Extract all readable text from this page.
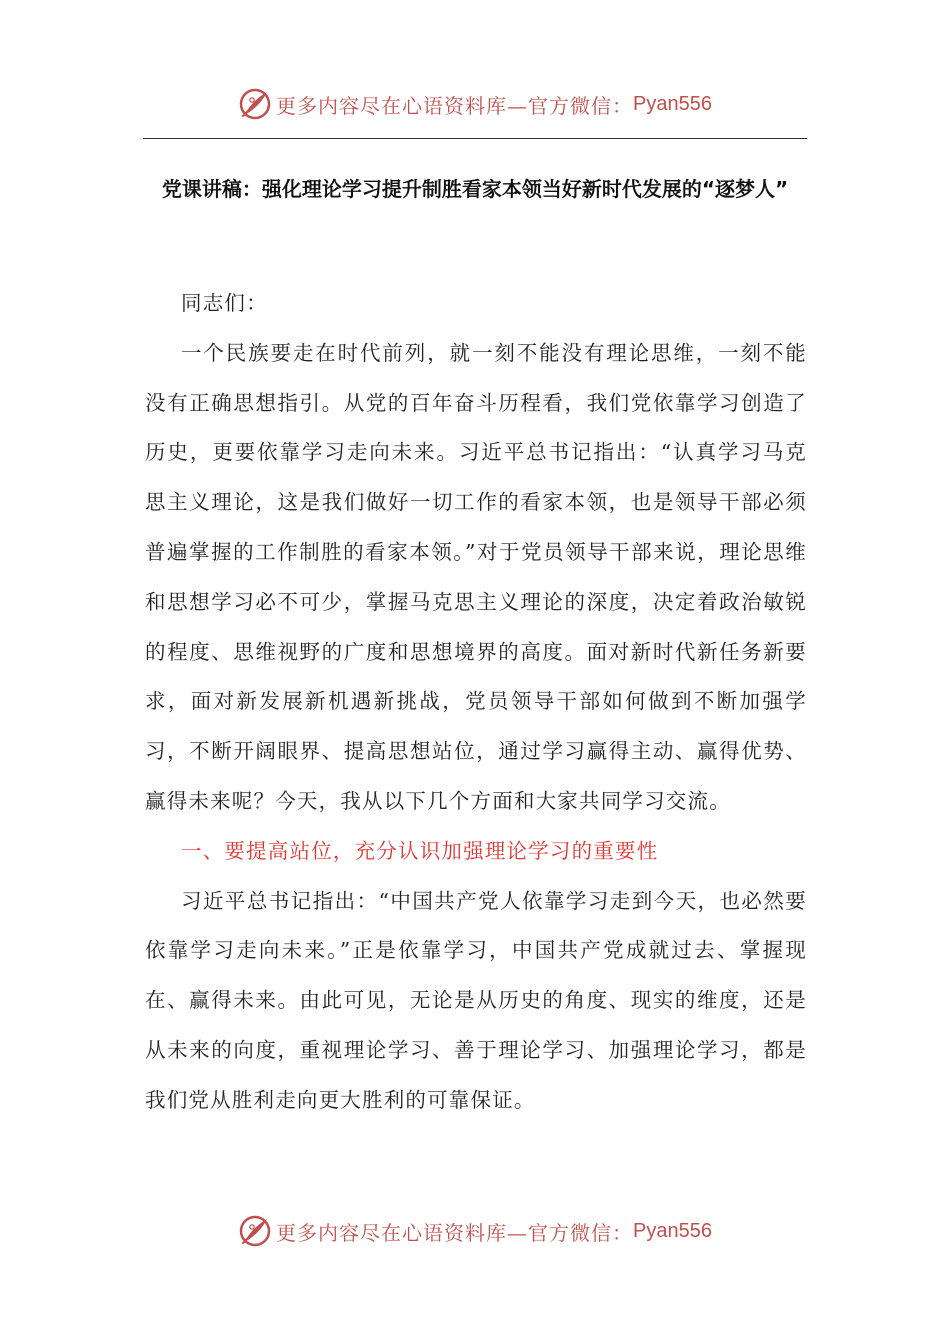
更多内容尽在心语资料库—官方微信： Pyan556
党课讲稿：强化理论学习提升制胜看家本领当好新时代发展的“逐梦人”

同志们：

一个民族要走在时代前列，就一刻不能没有理论思维，一刻不能没有正确思想指引。从党的百年奋斗历程看，我们党依靠学习创造了历史，更要依靠学习走向未来。习近平总书记指出：“认真学习马克思主义理论，这是我们做好一切工作的看家本领，也是领导干部必须普遍掌握的工作制胜的看家本领。”对于党员领导干部来说，理论思维和思想学习必不可少，掌握马克思主义理论的深度，决定着政治敏锐的程度、思维视野的广度和思想境界的高度。面对新时代新任务新要求，面对新发展新机遇新挑战，党员领导干部如何做到不断加强学习，不断开阔眼界、提高思想站位，通过学习赢得主动、赢得优势、赢得未来呢？今天，我从以下几个方面和大家共同学习交流。

一、要提高站位，充分认识加强理论学习的重要性

习近平总书记指出：“中国共产党人依靠学习走到今天，也必然要依靠学习走向未来。”正是依靠学习，中国共产党成就过去、掌握现在、赢得未来。由此可见，无论是从历史的角度、现实的维度，还是从未来的向度，重视理论学习、善于理论学习、加强理论学习，都是我们党从胜利走向更大胜利的可靠保证。

更多内容尽在心语资料库—官方微信： Pyan556
